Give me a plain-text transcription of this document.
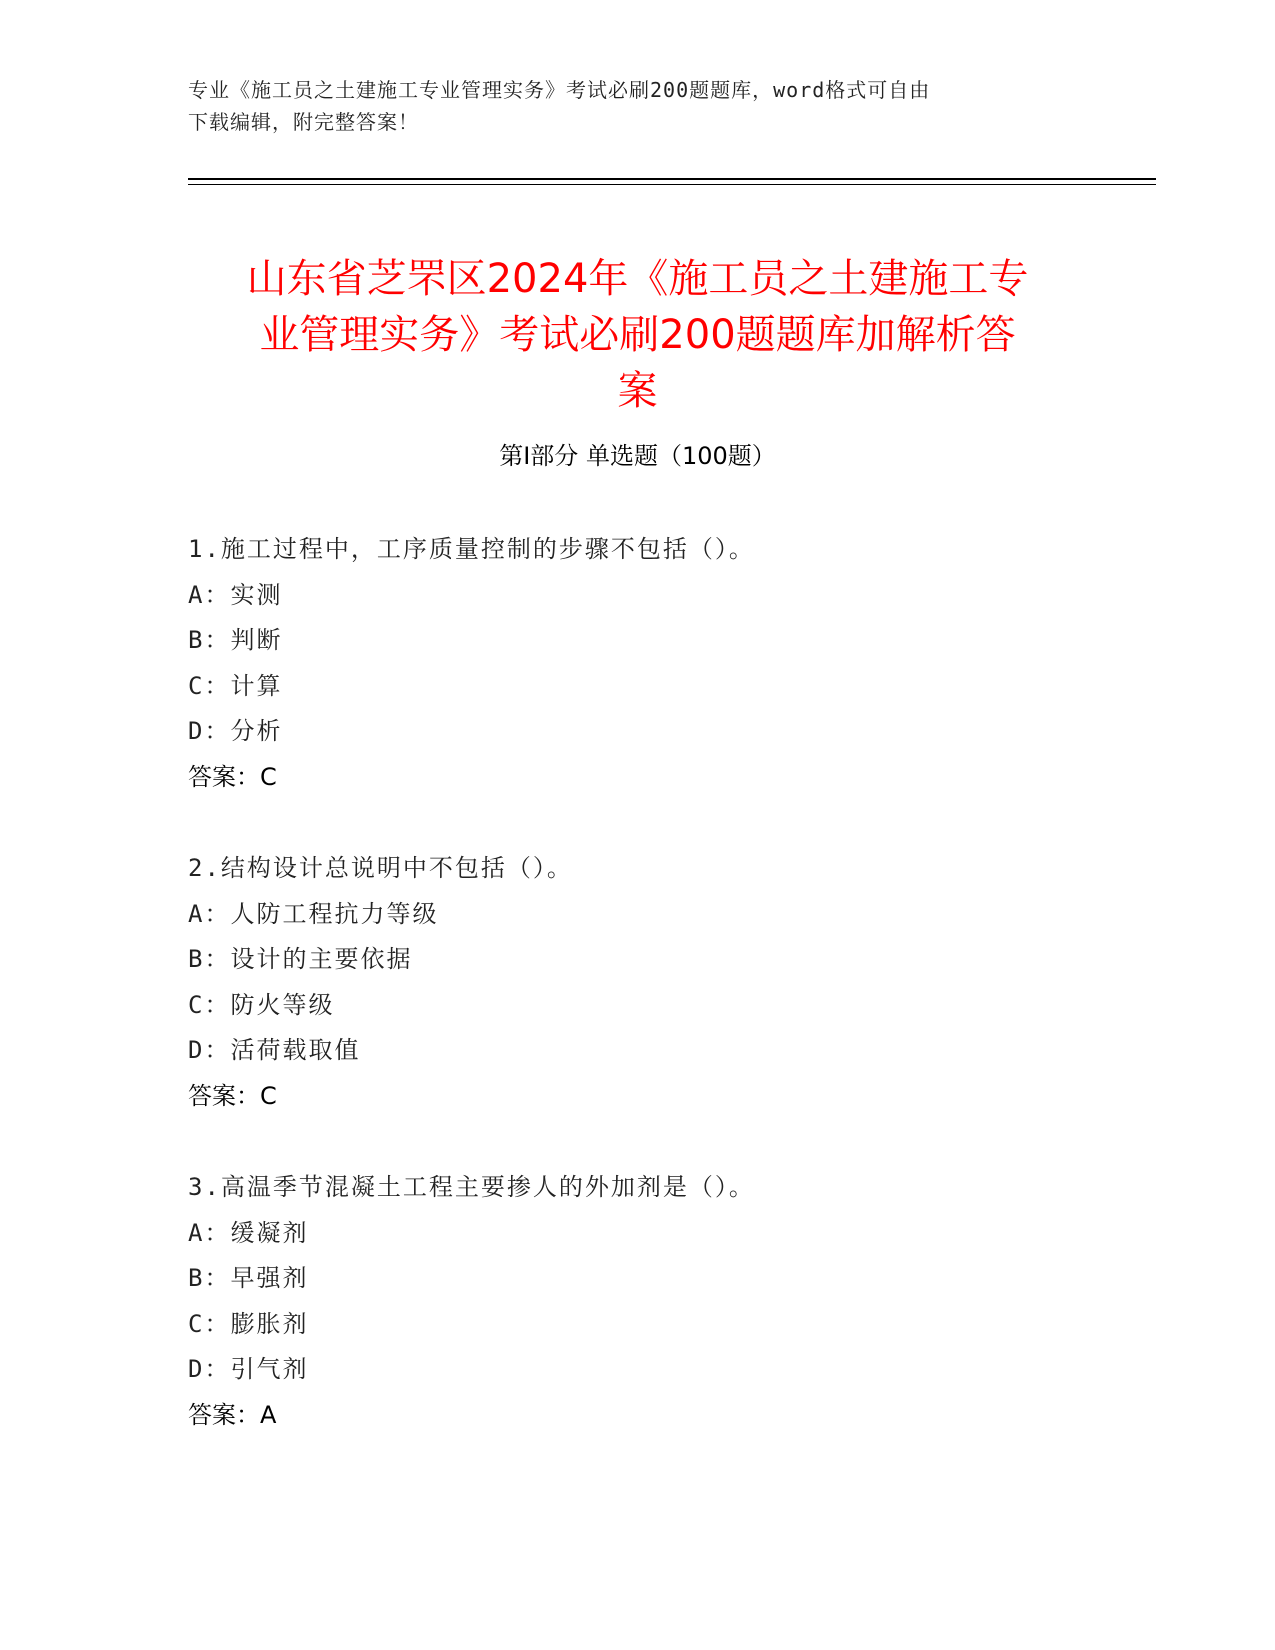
专业《施工员之土建施工专业管理实务》考试必刷200题题库，word格式可自由
下载编辑，附完整答案！
山东省芝罘区2024年《施工员之土建施工专
业管理实务》考试必刷200题题库加解析答
案
第Ⅰ部分 单选题（100题）
1.施工过程中，工序质量控制的步骤不包括（）。
A：实测
B：判断
C：计算
D：分析
答案：C
2.结构设计总说明中不包括（）。
A：人防工程抗力等级
B：设计的主要依据
C：防火等级
D：活荷载取值
答案：C
3.高温季节混凝土工程主要掺人的外加剂是（）。
A：缓凝剂
B：早强剂
C：膨胀剂
D：引气剂
答案：A
